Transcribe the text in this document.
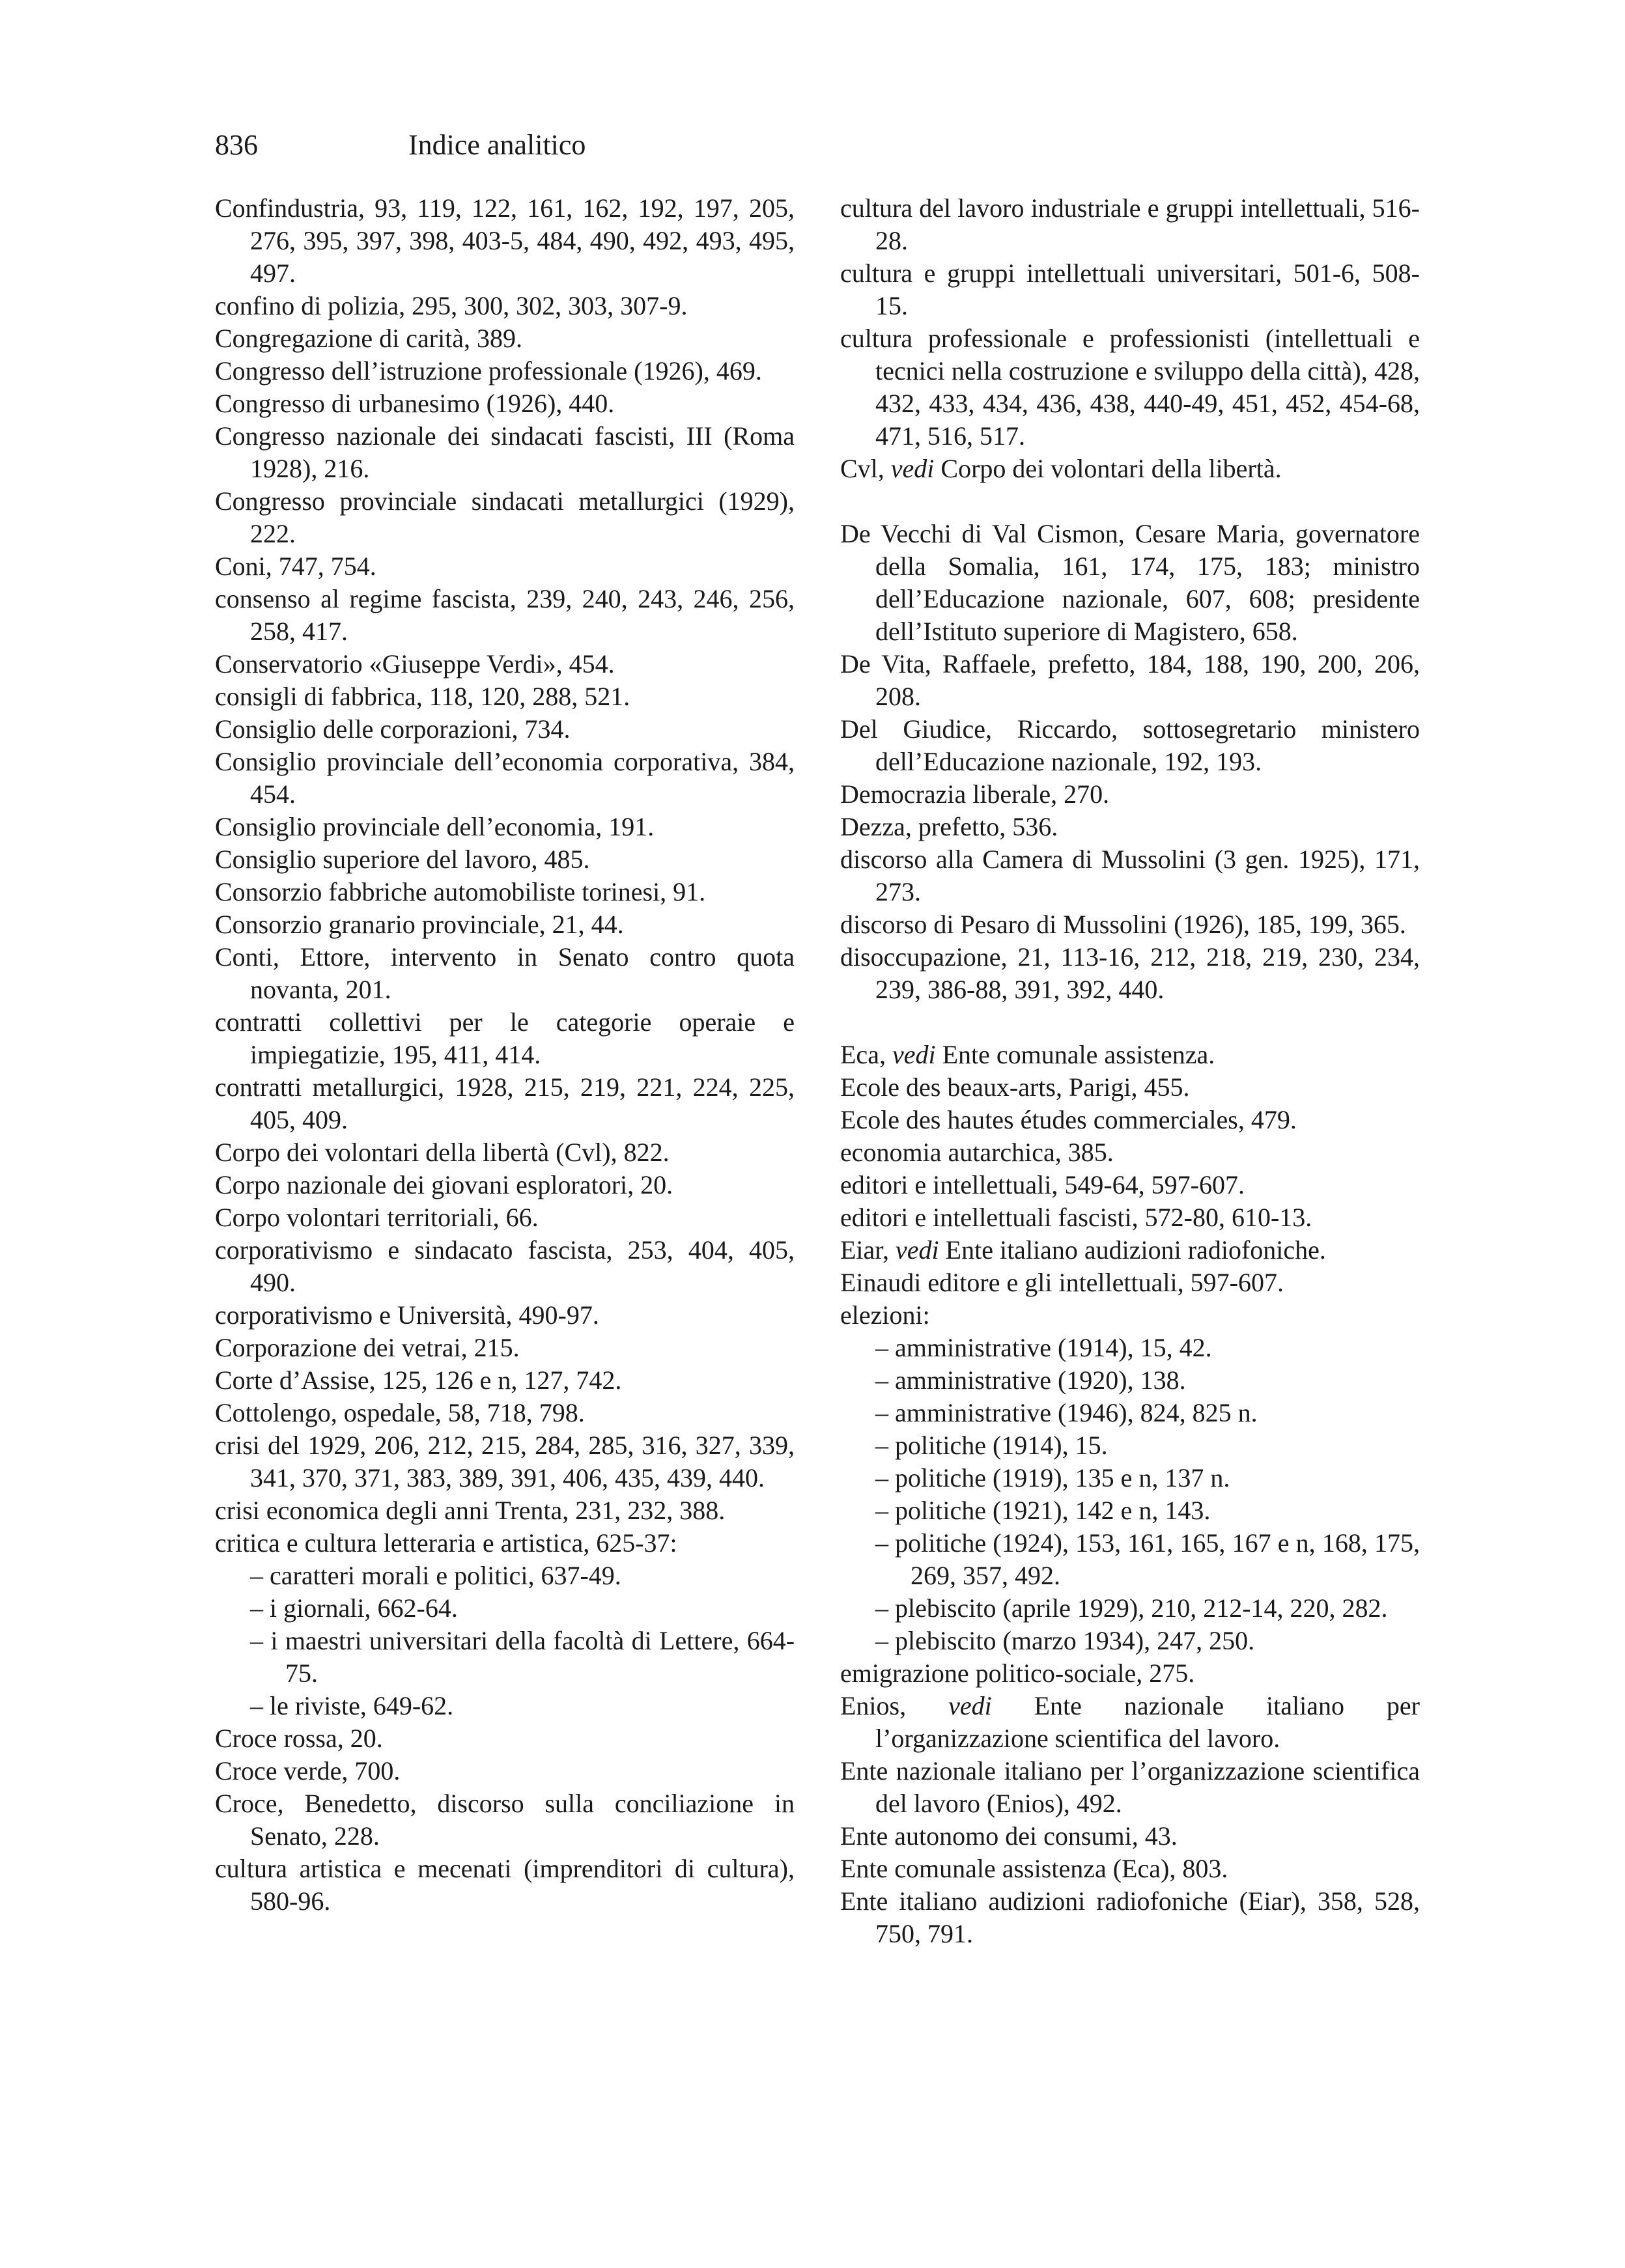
836	Indice analitico

Confindustria, 93, 119, 122, 161, 162, 192, 197, 205, 276, 395, 397, 398, 403-5, 484, 490, 492, 493, 495, 497.

confino di polizia, 295, 300, 302, 303, 307-9.

Congregazione di carità, 389.

Congresso dell’istruzione professionale (1926), 469.

Congresso di urbanesimo (1926), 440.

Congresso nazionale dei sindacati fascisti, III (Roma 1928), 216.

Congresso provinciale sindacati metallurgici (1929), 222.

Coni, 747, 754.

consenso al regime fascista, 239, 240, 243, 246, 256, 258, 417.

Conservatorio «Giuseppe Verdi», 454.

consigli di fabbrica, 118, 120, 288, 521.

Consiglio delle corporazioni, 734.

Consiglio provinciale dell’economia corporativa, 384, 454.

Consiglio provinciale dell’economia, 191.

Consiglio superiore del lavoro, 485.

Consorzio fabbriche automobiliste torinesi, 91.

Consorzio granario provinciale, 21, 44.

Conti, Ettore, intervento in Senato contro quota novanta, 201.

contratti collettivi per le categorie operaie e impiegatizie, 195, 411, 414.

contratti metallurgici, 1928, 215, 219, 221, 224, 225, 405, 409.

Corpo dei volontari della libertà (Cvl), 822.

Corpo nazionale dei giovani esploratori, 20.

Corpo volontari territoriali, 66.

corporativismo e sindacato fascista, 253, 404, 405, 490.

corporativismo e Università, 490-97.

Corporazione dei vetrai, 215.

Corte d’Assise, 125, 126 e n, 127, 742.

Cottolengo, ospedale, 58, 718, 798.

crisi del 1929, 206, 212, 215, 284, 285, 316, 327, 339, 341, 370, 371, 383, 389, 391, 406, 435, 439, 440.

crisi economica degli anni Trenta, 231, 232, 388.

critica e cultura letteraria e artistica, 625-37:

– caratteri morali e politici, 637-49.

– i giornali, 662-64.

– i maestri universitari della facoltà di Lettere, 664-75.

– le riviste, 649-62.

Croce rossa, 20.

Croce verde, 700.

Croce, Benedetto, discorso sulla conciliazione in Senato, 228.

cultura artistica e mecenati (imprenditori di cultura), 580-96.

cultura del lavoro industriale e gruppi intellettuali, 516-28.

cultura e gruppi intellettuali universitari, 501-6, 508-15.

cultura professionale e professionisti (intellettuali e tecnici nella costruzione e sviluppo della città), 428, 432, 433, 434, 436, 438, 440-49, 451, 452, 454-68, 471, 516, 517.

Cvl, vedi Corpo dei volontari della libertà.

De Vecchi di Val Cismon, Cesare Maria, governatore della Somalia, 161, 174, 175, 183; ministro dell’Educazione nazionale, 607, 608; presidente dell’Istituto superiore di Magistero, 658.

De Vita, Raffaele, prefetto, 184, 188, 190, 200, 206, 208.

Del Giudice, Riccardo, sottosegretario ministero dell’Educazione nazionale, 192, 193.

Democrazia liberale, 270.

Dezza, prefetto, 536.

discorso alla Camera di Mussolini (3 gen. 1925), 171, 273.

discorso di Pesaro di Mussolini (1926), 185, 199, 365.

disoccupazione, 21, 113-16, 212, 218, 219, 230, 234, 239, 386-88, 391, 392, 440.

Eca, vedi Ente comunale assistenza.

Ecole des beaux-arts, Parigi, 455.

Ecole des hautes études commerciales, 479.

economia autarchica, 385.

editori e intellettuali, 549-64, 597-607.

editori e intellettuali fascisti, 572-80, 610-13.

Eiar, vedi Ente italiano audizioni radiofoniche.

Einaudi editore e gli intellettuali, 597-607.

elezioni:

– amministrative (1914), 15, 42.

– amministrative (1920), 138.

– amministrative (1946), 824, 825 n.

– politiche (1914), 15.

– politiche (1919), 135 e n, 137 n.

– politiche (1921), 142 e n, 143.

– politiche (1924), 153, 161, 165, 167 e n, 168, 175, 269, 357, 492.

– plebiscito (aprile 1929), 210, 212-14, 220, 282.

– plebiscito (marzo 1934), 247, 250.

emigrazione politico-sociale, 275.

Enios, vedi Ente nazionale italiano per l’organizzazione scientifica del lavoro.

Ente nazionale italiano per l’organizzazione scientifica del lavoro (Enios), 492.

Ente autonomo dei consumi, 43.

Ente comunale assistenza (Eca), 803.

Ente italiano audizioni radiofoniche (Eiar), 358, 528, 750, 791.
